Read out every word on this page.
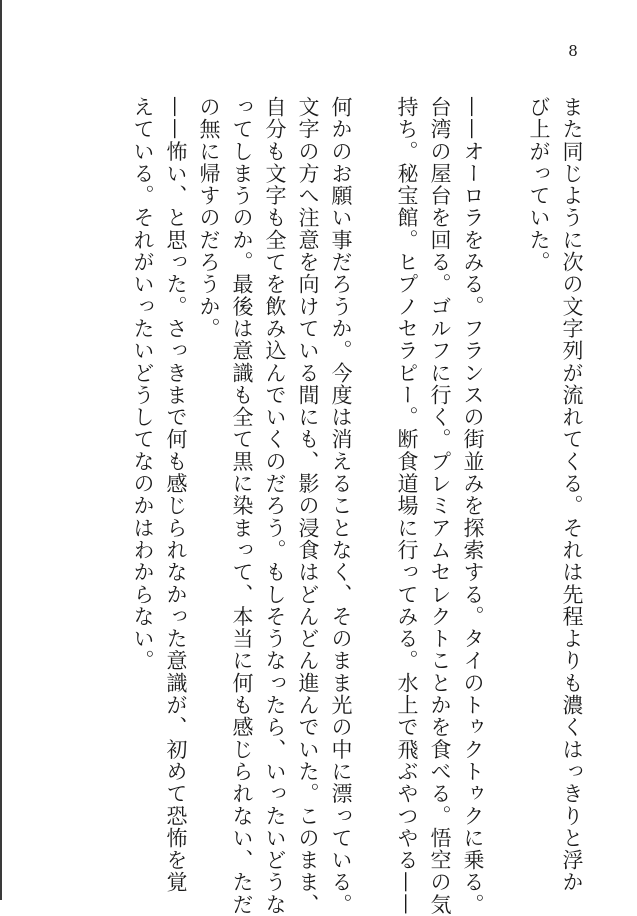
8
また同じように次の文字列が流れてくる。それは先程よりも濃くはっきりと浮か
び上がっていた。
——オーロラをみる。フランスの街並みを探索する。タイのトゥクトゥクに乗る。
台湾の屋台を回る。ゴルフに行く。プレミアムセレクトことかを食べる。悟空の気
持ち。秘宝館。ヒプノセラピー。断食道場に行ってみる。水上で飛ぶやつやる——
何かのお願い事だろうか。今度は消えることなく、そのまま光の中に漂っている。
文字の方へ注意を向けている間にも、影の浸食はどんどん進んでいた。このまま、
自分も文字も全てを飲み込んでいくのだろう。もしそうなったら、いったいどうな
ってしまうのか。最後は意識も全て黒に染まって、本当に何も感じられない、ただ
の無に帰すのだろうか。
——怖い、と思った。さっきまで何も感じられなかった意識が、初めて恐怖を覚
えている。それがいったいどうしてなのかはわからない。
